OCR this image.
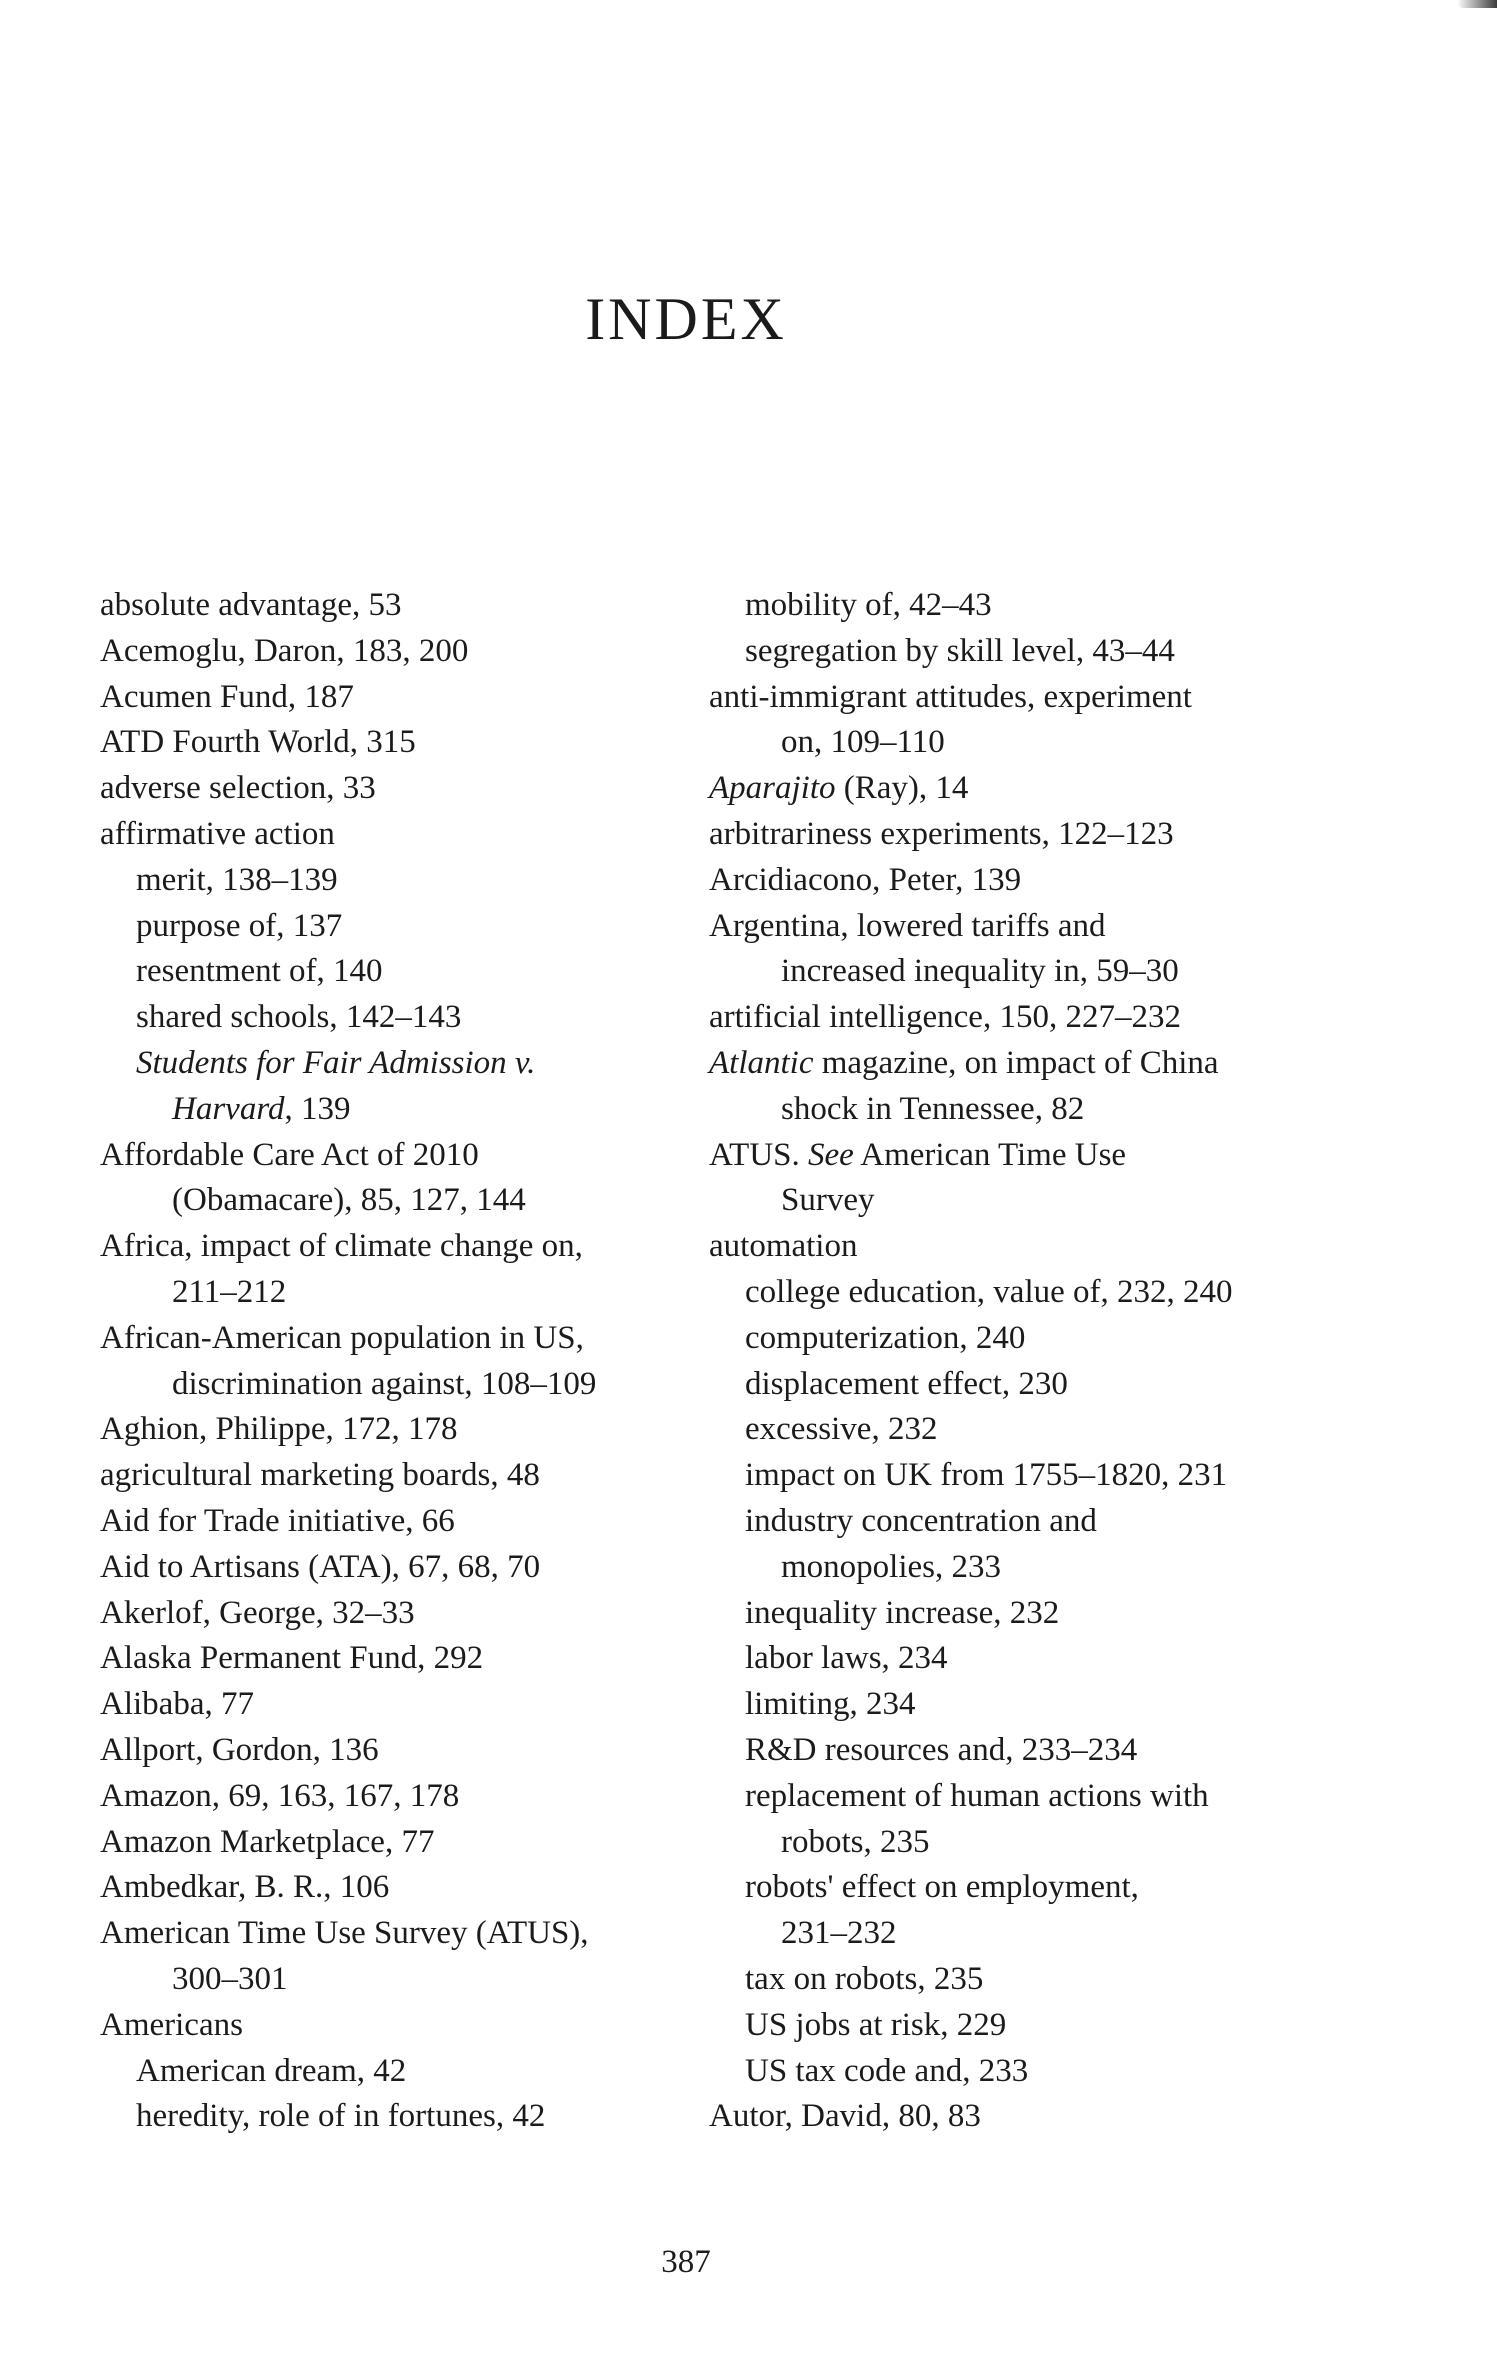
INDEX
absolute advantage, 53
Acemoglu, Daron, 183, 200
Acumen Fund, 187
ATD Fourth World, 315
adverse selection, 33
affirmative action
merit, 138–139
purpose of, 137
resentment of, 140
shared schools, 142–143
Students for Fair Admission v.
Harvard, 139
Affordable Care Act of 2010
(Obamacare), 85, 127, 144
Africa, impact of climate change on,
211–212
African-American population in US,
discrimination against, 108–109
Aghion, Philippe, 172, 178
agricultural marketing boards, 48
Aid for Trade initiative, 66
Aid to Artisans (ATA), 67, 68, 70
Akerlof, George, 32–33
Alaska Permanent Fund, 292
Alibaba, 77
Allport, Gordon, 136
Amazon, 69, 163, 167, 178
Amazon Marketplace, 77
Ambedkar, B. R., 106
American Time Use Survey (ATUS),
300–301
Americans
American dream, 42
heredity, role of in fortunes, 42
mobility of, 42–43
segregation by skill level, 43–44
anti-immigrant attitudes, experiment
on, 109–110
Aparajito (Ray), 14
arbitrariness experiments, 122–123
Arcidiacono, Peter, 139
Argentina, lowered tariffs and
increased inequality in, 59–30
artificial intelligence, 150, 227–232
Atlantic magazine, on impact of China
shock in Tennessee, 82
ATUS. See American Time Use
Survey
automation
college education, value of, 232, 240
computerization, 240
displacement effect, 230
excessive, 232
impact on UK from 1755–1820, 231
industry concentration and
monopolies, 233
inequality increase, 232
labor laws, 234
limiting, 234
R&D resources and, 233–234
replacement of human actions with
robots, 235
robots' effect on employment,
231–232
tax on robots, 235
US jobs at risk, 229
US tax code and, 233
Autor, David, 80, 83
387
